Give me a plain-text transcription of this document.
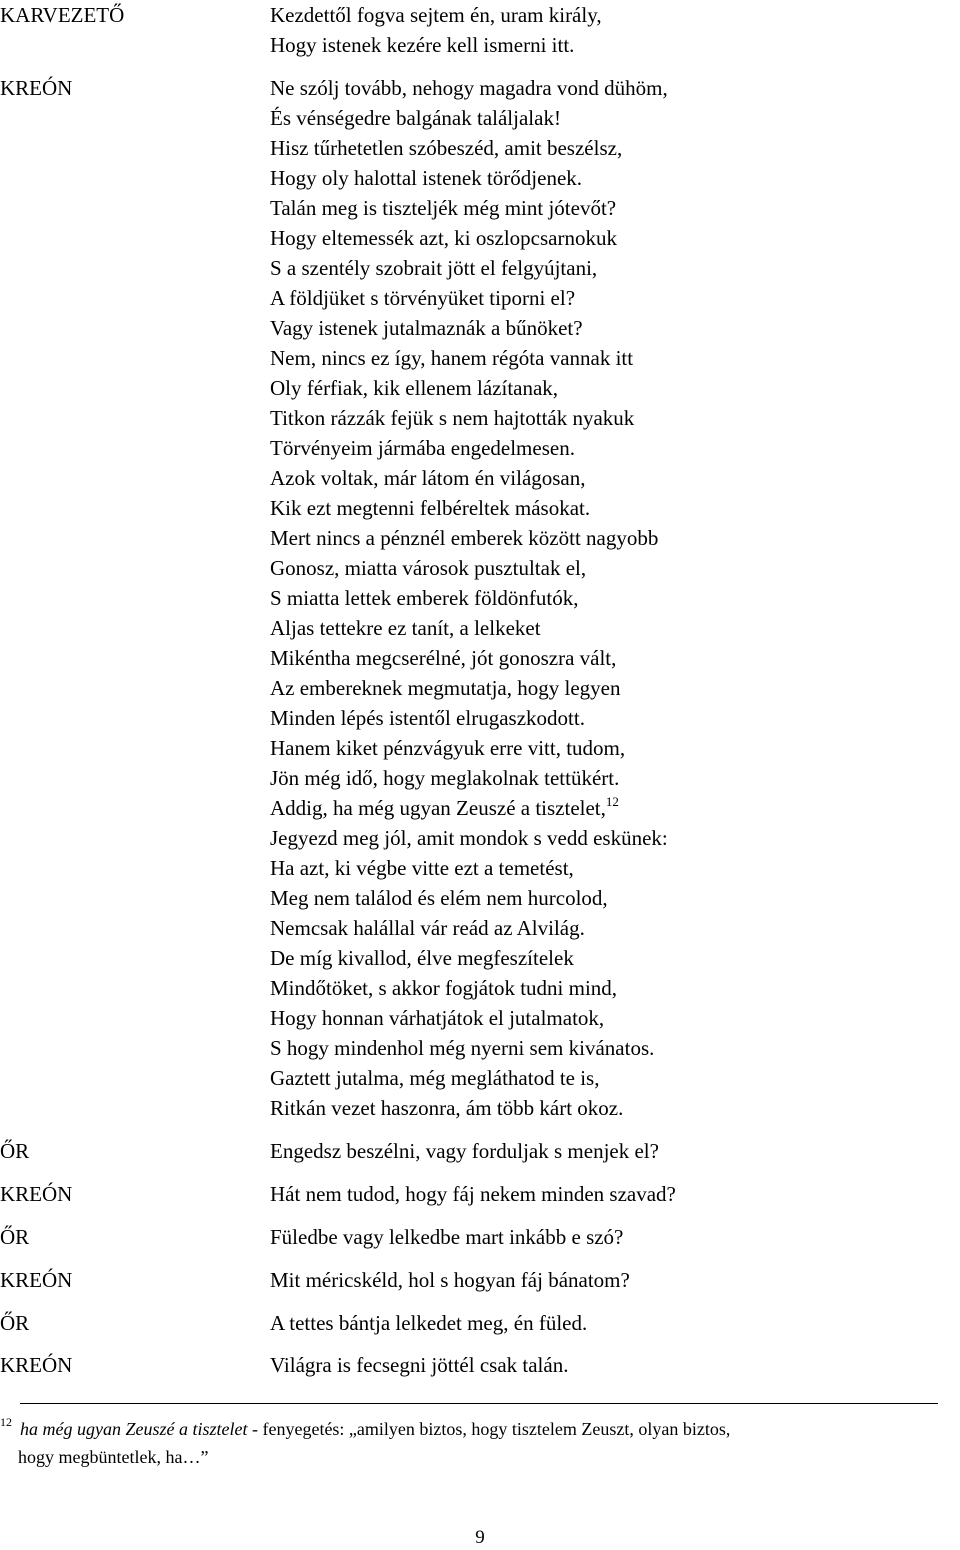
KARVEZETŐ	Kezdettől fogva sejtem én, uram király,
Hogy istenek kezére kell ismerni itt.
KREÓN	Ne szólj tovább, nehogy magadra vond dühöm,
És vénségedre balgának találjalak!
Hisz tűrhetetlen szóbeszéd, amit beszélsz,
Hogy oly halottal istenek törődjenek.
Talán meg is tiszteljék még mint jótevőt?
Hogy eltemessék azt, ki oszlopcsarnokuk
S a szentély szobrait jött el felgyújtani,
A földjüket s törvényüket tiporni el?
Vagy istenek jutalmaznák a bűnöket?
Nem, nincs ez így, hanem régóta vannak itt
Oly férfiak, kik ellenem lázítanak,
Titkon rázzák fejük s nem hajtották nyakuk
Törvényeim jármába engedelmesen.
Azok voltak, már látom én világosan,
Kik ezt megtenni felbéreltek másokat.
Mert nincs a pénznél emberek között nagyobb
Gonosz, miatta városok pusztultak el,
S miatta lettek emberek földönfutók,
Aljas tettekre ez tanít, a lelkeket
Mikéntha megcserélné, jót gonoszra vált,
Az embereknek megmutatja, hogy legyen
Minden lépés istentől elrugaszkodott.
Hanem kiket pénzvágyuk erre vitt, tudom,
Jön még idő, hogy meglakolnak tettükért.
Addig, ha még ugyan Zeuszé a tisztelet,$^{12}$
Jegyezd meg jól, amit mondok s vedd eskünek:
Ha azt, ki végbe vitte ezt a temetést,
Meg nem találod és elém nem hurcolod,
Nemcsak halállal vár reád az Alvilág.
De míg kivallod, élve megfeszítelek
Mindőtöket, s akkor fogjátok tudni mind,
Hogy honnan várhatjátok el jutalmatok,
S hogy mindenhol még nyerni sem kivánatos.
Gaztett jutalma, még megláthatod te is,
Ritkán vezet haszonra, ám több kárt okoz.
ŐR	Engedsz beszélni, vagy forduljak s menjek el?
KREÓN	Hát nem tudod, hogy fáj nekem minden szavad?
ŐR	Füledbe vagy lelkedbe mart inkább e szó?
KREÓN	Mit méricskéld, hol s hogyan fáj bánatom?
ŐR	A tettes bántja lelkedet meg, én füled.
KREÓN	Világra is fecsegni jöttél csak talán.
$^{12}$ ha még ugyan Zeuszé a tisztelet - fenyegetés: „amilyen biztos, hogy tisztelem Zeuszt, olyan biztos,
hogy megbüntetlek, ha…”
9
